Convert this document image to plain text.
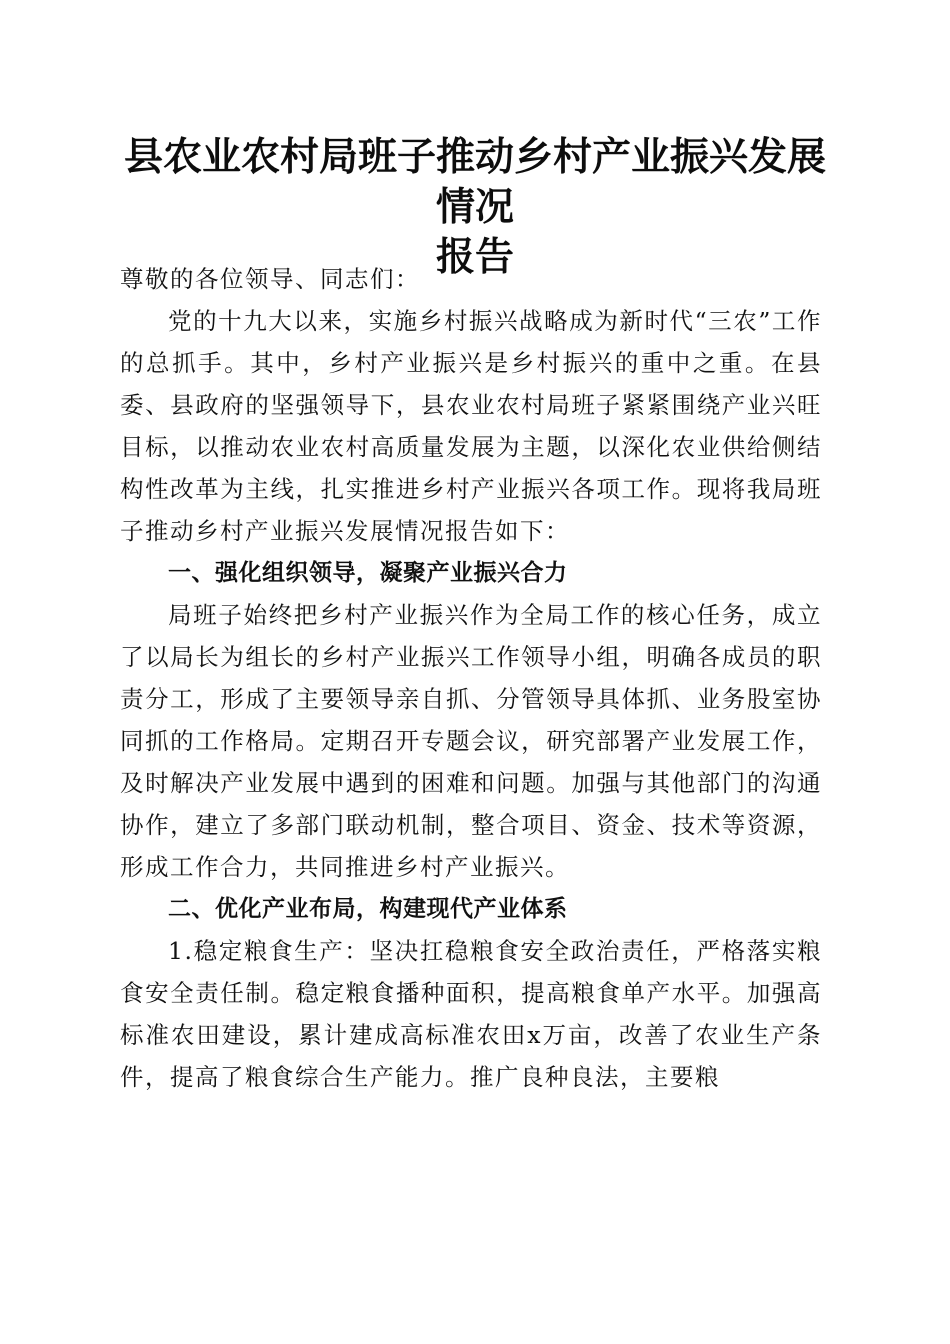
县农业农村局班子推动乡村产业振兴发展情况
报告

尊敬的各位领导、同志们：

党的十九大以来，实施乡村振兴战略成为新时代“三农”工作的总抓手。其中，乡村产业振兴是乡村振兴的重中之重。在县委、县政府的坚强领导下，县农业农村局班子紧紧围绕产业兴旺目标，以推动农业农村高质量发展为主题，以深化农业供给侧结构性改革为主线，扎实推进乡村产业振兴各项工作。现将我局班子推动乡村产业振兴发展情况报告如下：

一、强化组织领导，凝聚产业振兴合力

局班子始终把乡村产业振兴作为全局工作的核心任务，成立了以局长为组长的乡村产业振兴工作领导小组，明确各成员的职责分工，形成了主要领导亲自抓、分管领导具体抓、业务股室协同抓的工作格局。定期召开专题会议，研究部署产业发展工作，及时解决产业发展中遇到的困难和问题。加强与其他部门的沟通协作，建立了多部门联动机制，整合项目、资金、技术等资源，形成工作合力，共同推进乡村产业振兴。

二、优化产业布局，构建现代产业体系

1.稳定粮食生产：坚决扛稳粮食安全政治责任，严格落实粮食安全责任制。稳定粮食播种面积，提高粮食单产水平。加强高标准农田建设，累计建成高标准农田x万亩，改善了农业生产条件，提高了粮食综合生产能力。推广良种良法，主要粮
